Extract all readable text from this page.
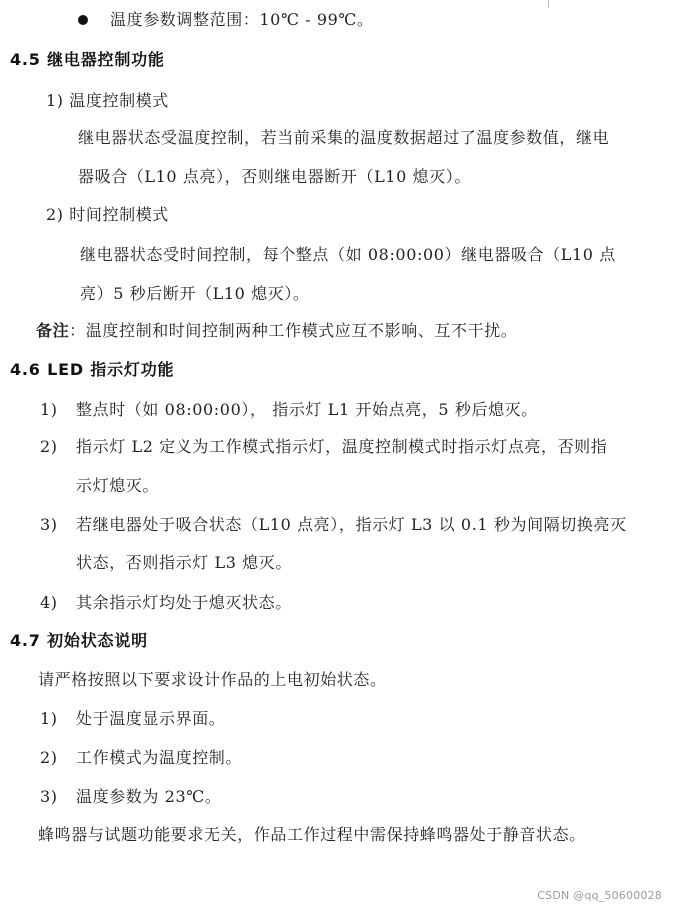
温度参数调整范围：10℃ - 99℃。
4.5 继电器控制功能
1) 温度控制模式
继电器状态受温度控制，若当前采集的温度数据超过了温度参数值，继电
器吸合（L10 点亮），否则继电器断开（L10 熄灭）。
2) 时间控制模式
继电器状态受时间控制，每个整点（如 08:00:00）继电器吸合（L10 点
亮）5 秒后断开（L10 熄灭）。
备注：温度控制和时间控制两种工作模式应互不影响、互不干扰。
4.6 LED 指示灯功能
1) 整点时（如 08:00:00）， 指示灯 L1 开始点亮，5 秒后熄灭。
2) 指示灯 L2 定义为工作模式指示灯，温度控制模式时指示灯点亮，否则指
示灯熄灭。
3) 若继电器处于吸合状态（L10 点亮），指示灯 L3 以 0.1 秒为间隔切换亮灭
状态，否则指示灯 L3 熄灭。
4) 其余指示灯均处于熄灭状态。
4.7 初始状态说明
请严格按照以下要求设计作品的上电初始状态。
1) 处于温度显示界面。
2) 工作模式为温度控制。
3) 温度参数为 23℃。
蜂鸣器与试题功能要求无关，作品工作过程中需保持蜂鸣器处于静音状态。
CSDN @qq_50600028
